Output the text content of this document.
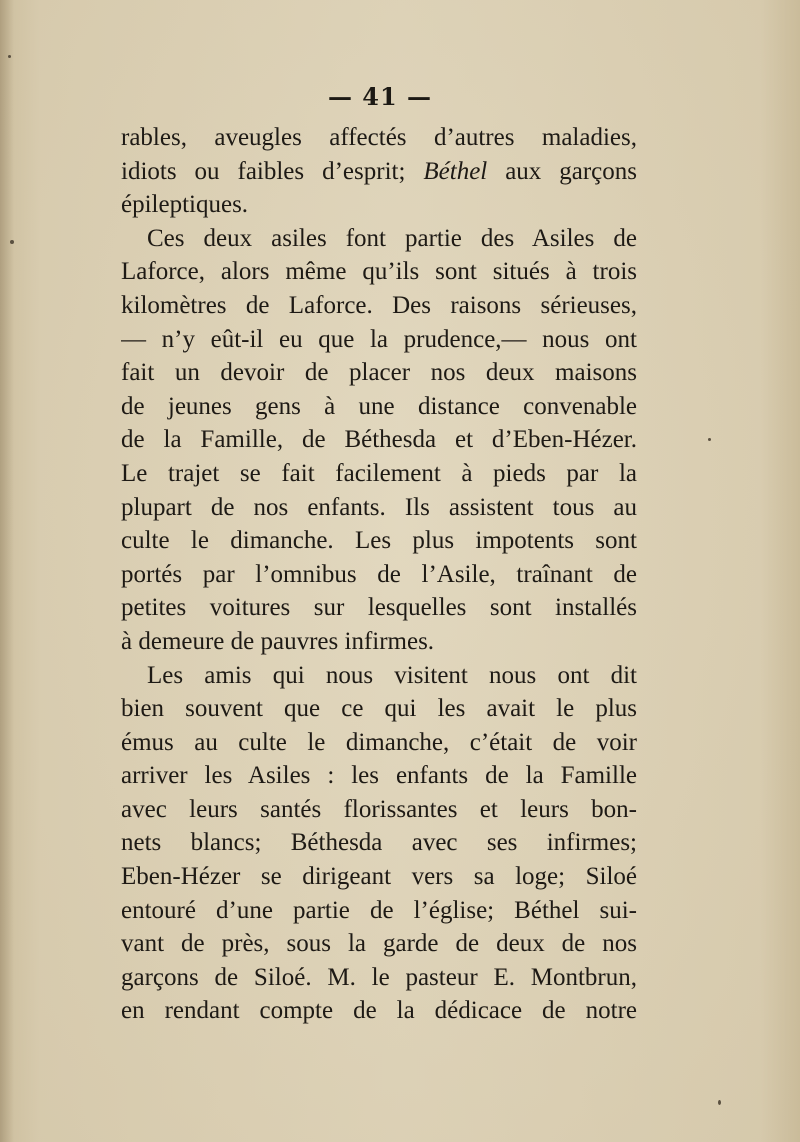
— 41 —
rables, aveugles affectés d’autres maladies,
idiots ou faibles d’esprit; Béthel aux garçons
épileptiques.
Ces deux asiles font partie des Asiles de
Laforce, alors même qu’ils sont situés à trois
kilomètres de Laforce. Des raisons sérieuses,
— n’y eût-il eu que la prudence,— nous ont
fait un devoir de placer nos deux maisons
de jeunes gens à une distance convenable
de la Famille, de Béthesda et d’Eben-Hézer.
Le trajet se fait facilement à pieds par la
plupart de nos enfants. Ils assistent tous au
culte le dimanche. Les plus impotents sont
portés par l’omnibus de l’Asile, traînant de
petites voitures sur lesquelles sont installés
à demeure de pauvres infirmes.
Les amis qui nous visitent nous ont dit
bien souvent que ce qui les avait le plus
émus au culte le dimanche, c’était de voir
arriver les Asiles : les enfants de la Famille
avec leurs santés florissantes et leurs bon-
nets blancs; Béthesda avec ses infirmes;
Eben-Hézer se dirigeant vers sa loge; Siloé
entouré d’une partie de l’église; Béthel sui-
vant de près, sous la garde de deux de nos
garçons de Siloé. M. le pasteur E. Montbrun,
en rendant compte de la dédicace de notre
